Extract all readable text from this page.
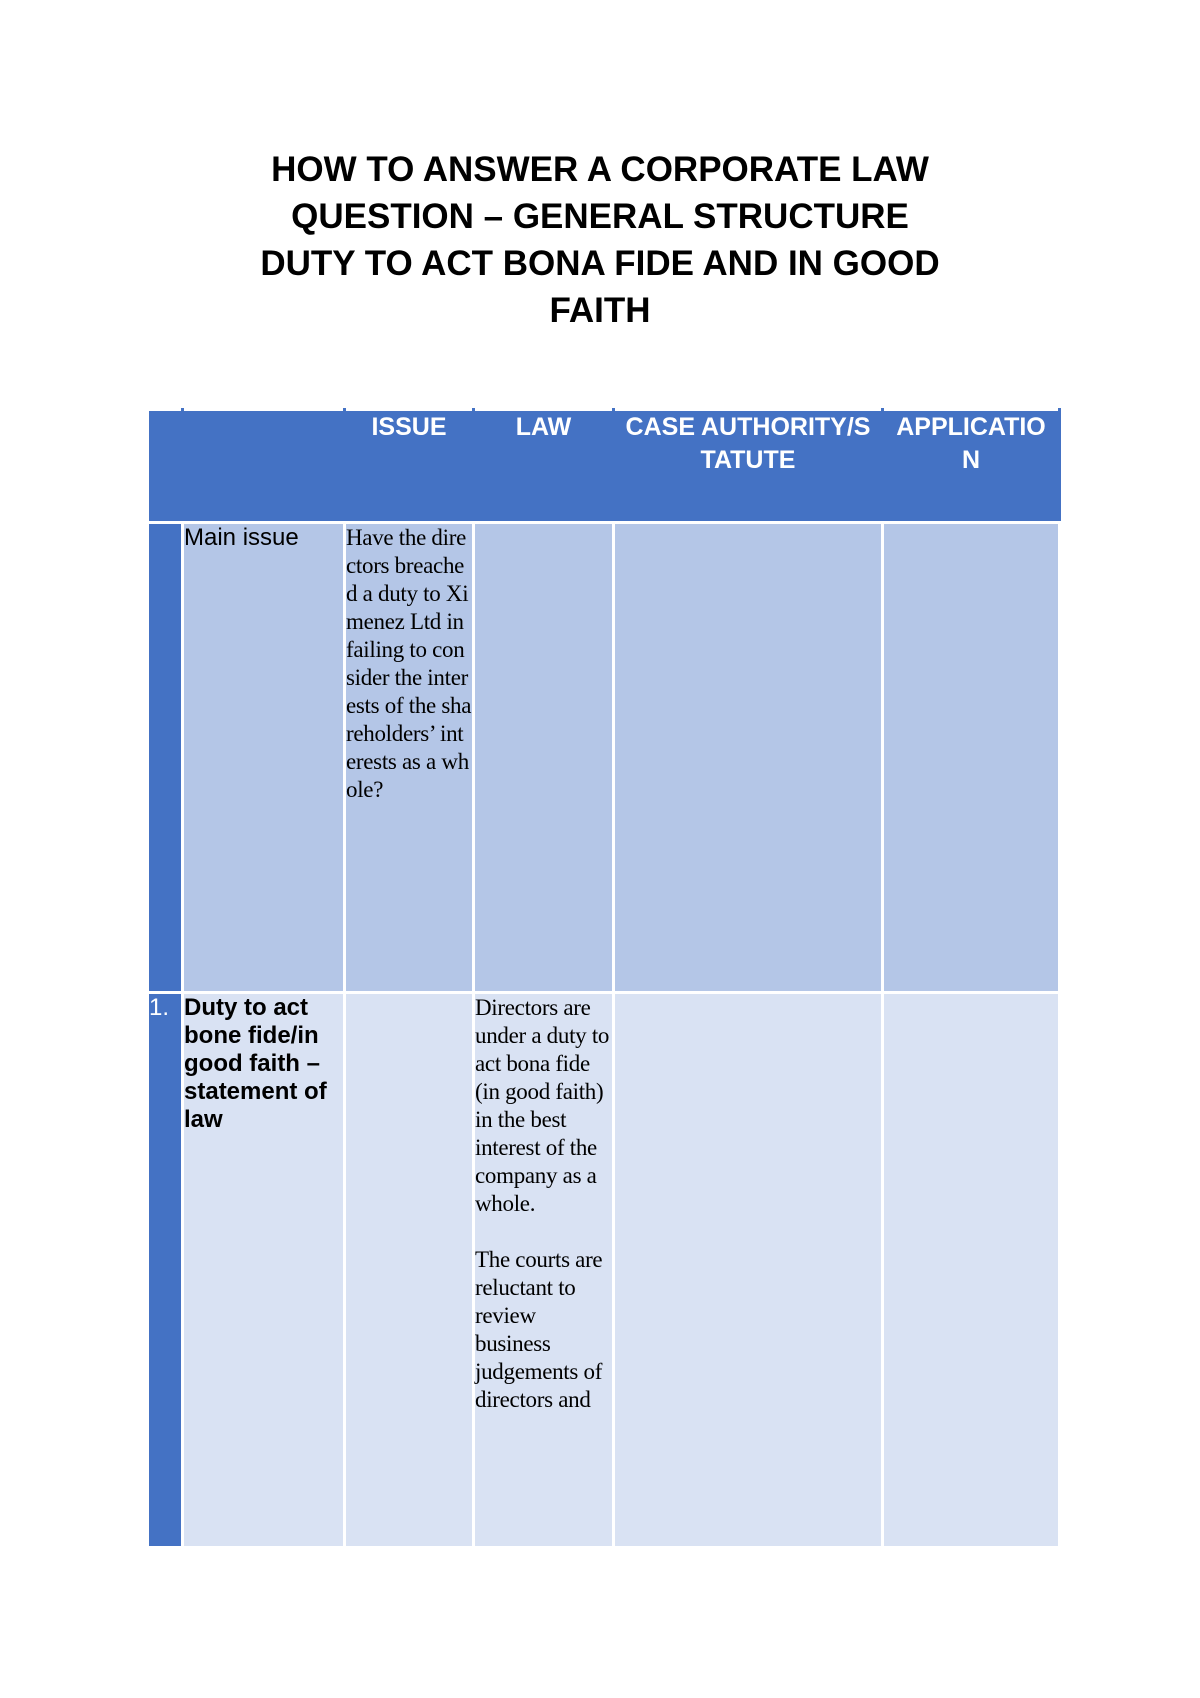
HOW TO ANSWER A CORPORATE LAW

QUESTION – GENERAL STRUCTURE

DUTY TO ACT BONA FIDE AND IN GOOD

FAITH

		ISSUE	LAW	CASE AUTHORITY/STATUTE	APPLICATION

	Main issue	Have the directors breached a duty to Ximenez Ltd in failing to consider the interests of the shareholders’ interests as a whole?			

1.	Duty to act bone fide/in good faith – statement of law		Directors are under a duty to act bona fide (in good faith) in the best interest of the company as a whole.
The courts are reluctant to review business judgements of directors and		
